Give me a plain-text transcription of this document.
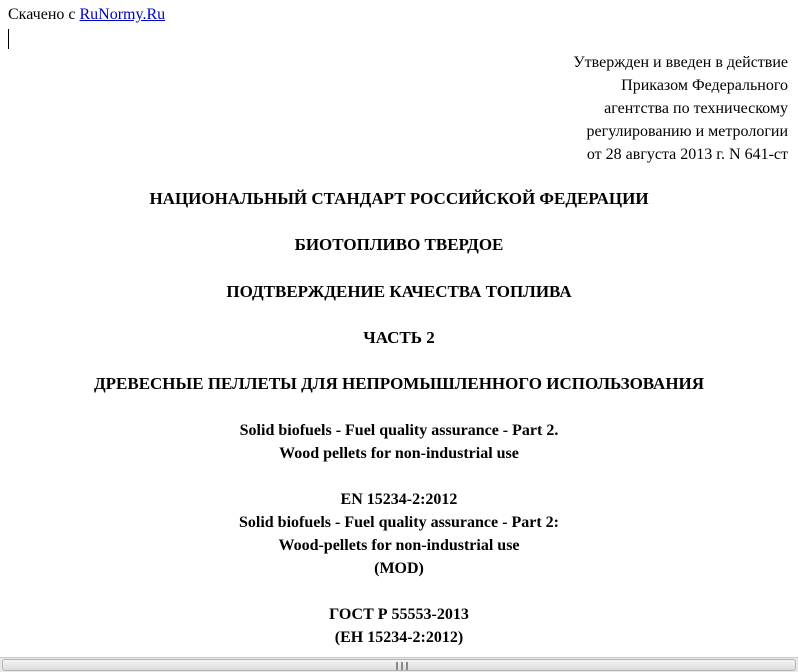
Скачено с RuNormy.Ru
Утвержден и введен в действие
Приказом Федерального
агентства по техническому
регулированию и метрологии
от 28 августа 2013 г. N 641-ст
НАЦИОНАЛЬНЫЙ СТАНДАРТ РОССИЙСКОЙ ФЕДЕРАЦИИ
БИОТОПЛИВО ТВЕРДОЕ
ПОДТВЕРЖДЕНИЕ КАЧЕСТВА ТОПЛИВА
ЧАСТЬ 2
ДРЕВЕСНЫЕ ПЕЛЛЕТЫ ДЛЯ НЕПРОМЫШЛЕННОГО ИСПОЛЬЗОВАНИЯ
Solid biofuels - Fuel quality assurance - Part 2.
Wood pellets for non-industrial use
EN 15234-2:2012
Solid biofuels - Fuel quality assurance - Part 2:
Wood-pellets for non-industrial use
(MOD)
ГОСТ Р 55553-2013
(ЕН 15234-2:2012)
